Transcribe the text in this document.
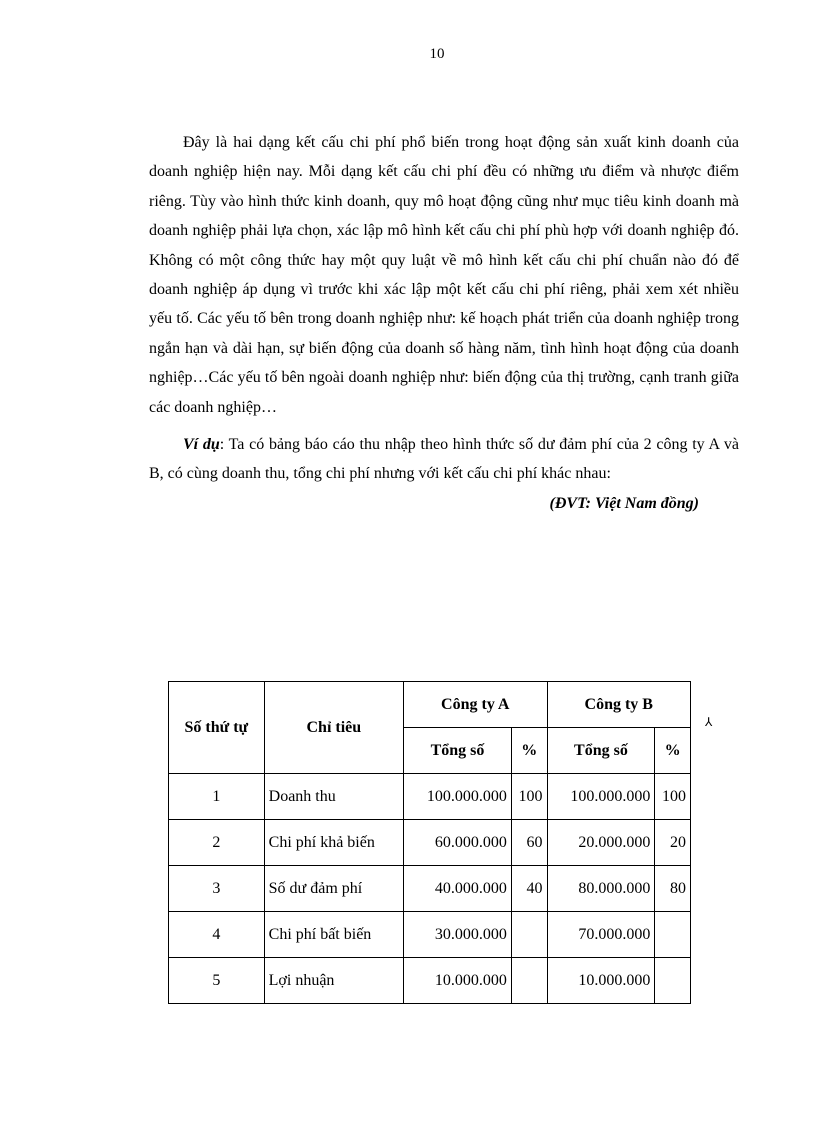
10

Đây là hai dạng kết cấu chi phí phổ biến trong hoạt động sản xuất kinh doanh của doanh nghiệp hiện nay. Mỗi dạng kết cấu chi phí đều có những ưu điểm và nhược điểm riêng. Tùy vào hình thức kinh doanh, quy mô hoạt động cũng như mục tiêu kinh doanh mà doanh nghiệp phải lựa chọn, xác lập mô hình kết cấu chi phí phù hợp với doanh nghiệp đó. Không có một công thức hay một quy luật về mô hình kết cấu chi phí chuẩn nào đó để doanh nghiệp áp dụng vì trước khi xác lập một kết cấu chi phí riêng, phải xem xét nhiều yếu tố. Các yếu tố bên trong doanh nghiệp như: kế hoạch phát triển của doanh nghiệp trong ngắn hạn và dài hạn, sự biến động của doanh số hàng năm, tình hình hoạt động của doanh nghiệp…Các yếu tố bên ngoài doanh nghiệp như: biến động của thị trường, cạnh tranh giữa các doanh nghiệp…

Ví dụ: Ta có bảng báo cáo thu nhập theo hình thức số dư đảm phí của 2 công ty A và B, có cùng doanh thu, tổng chi phí nhưng với kết cấu chi phí khác nhau:
(ĐVT: Việt Nam đồng)

Số thứ tự	Chỉ tiêu	Công ty A		Công ty B	
		Tổng số	%	Tổng số	%
1	Doanh thu	100.000.000	100	100.000.000	100
2	Chi phí khả biến	60.000.000	60	20.000.000	20
3	Số dư đảm phí	40.000.000	40	80.000.000	80
4	Chi phí bất biến	30.000.000		70.000.000	
5	Lợi nhuận	10.000.000		10.000.000	
⅄
